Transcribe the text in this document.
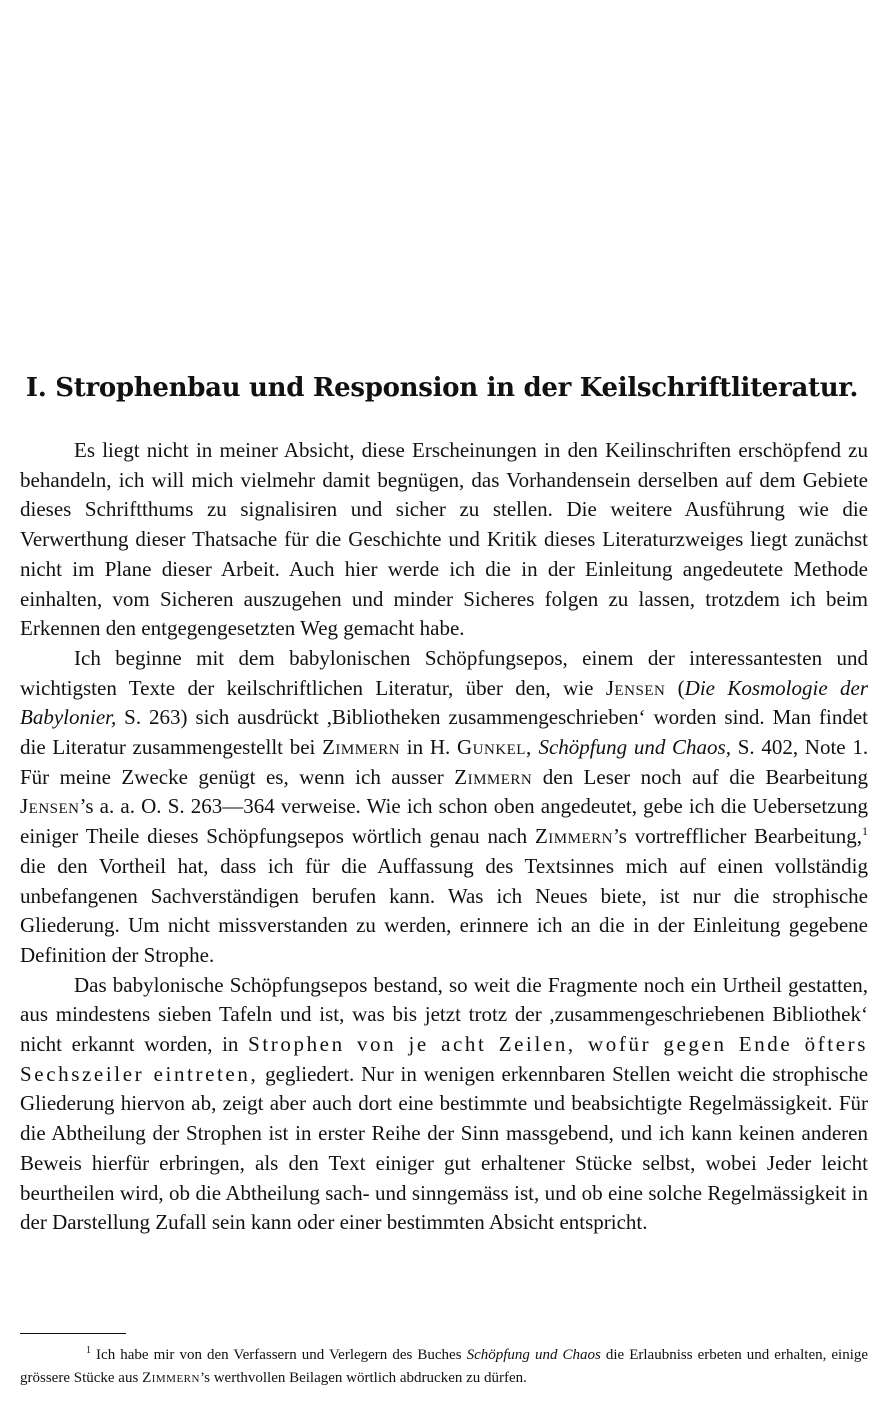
I. Strophenbau und Responsion in der Keilschriftliteratur.

Es liegt nicht in meiner Absicht, diese Erscheinungen in den Keilinschriften erschöpfend zu behandeln, ich will mich vielmehr damit begnügen, das Vorhandensein derselben auf dem Gebiete dieses Schriftthums zu signalisiren und sicher zu stellen. Die weitere Ausführung wie die Verwerthung dieser Thatsache für die Geschichte und Kritik dieses Literaturzweiges liegt zunächst nicht im Plane dieser Arbeit. Auch hier werde ich die in der Einleitung angedeutete Methode einhalten, vom Sicheren auszugehen und minder Sicheres folgen zu lassen, trotzdem ich beim Erkennen den entgegengesetzten Weg gemacht habe.

Ich beginne mit dem babylonischen Schöpfungsepos, einem der interessantesten und wichtigsten Texte der keilschriftlichen Literatur, über den, wie Jensen (Die Kosmologie der Babylonier, S. 263) sich ausdrückt ,Bibliotheken zusammengeschrieben‘ worden sind. Man findet die Literatur zusammengestellt bei Zimmern in H. Gunkel, Schöpfung und Chaos, S. 402, Note 1. Für meine Zwecke genügt es, wenn ich ausser Zimmern den Leser noch auf die Bearbeitung Jensen’s a. a. O. S. 263—364 verweise. Wie ich schon oben angedeutet, gebe ich die Uebersetzung einiger Theile dieses Schöpfungsepos wörtlich genau nach Zimmern’s vortrefflicher Bearbeitung,$^1$ die den Vortheil hat, dass ich für die Auffassung des Textsinnes mich auf einen vollständig unbefangenen Sachverständigen berufen kann. Was ich Neues biete, ist nur die strophische Gliederung. Um nicht missverstanden zu werden, erinnere ich an die in der Einleitung gegebene Definition der Strophe.

Das babylonische Schöpfungsepos bestand, so weit die Fragmente noch ein Urtheil gestatten, aus mindestens sieben Tafeln und ist, was bis jetzt trotz der ,zusammengeschriebenen Bibliothek‘ nicht erkannt worden, in Strophen von je acht Zeilen, wofür gegen Ende öfters Sechszeiler eintreten, gegliedert. Nur in wenigen erkennbaren Stellen weicht die strophische Gliederung hiervon ab, zeigt aber auch dort eine bestimmte und beabsichtigte Regelmässigkeit. Für die Abtheilung der Strophen ist in erster Reihe der Sinn massgebend, und ich kann keinen anderen Beweis hierfür erbringen, als den Text einiger gut erhaltener Stücke selbst, wobei Jeder leicht beurtheilen wird, ob die Abtheilung sach- und sinngemäss ist, und ob eine solche Regelmässigkeit in der Darstellung Zufall sein kann oder einer bestimmten Absicht entspricht.

$^1$ Ich habe mir von den Verfassern und Verlegern des Buches Schöpfung und Chaos die Erlaubniss erbeten und erhalten, einige grössere Stücke aus Zimmern’s werthvollen Beilagen wörtlich abdrucken zu dürfen.
